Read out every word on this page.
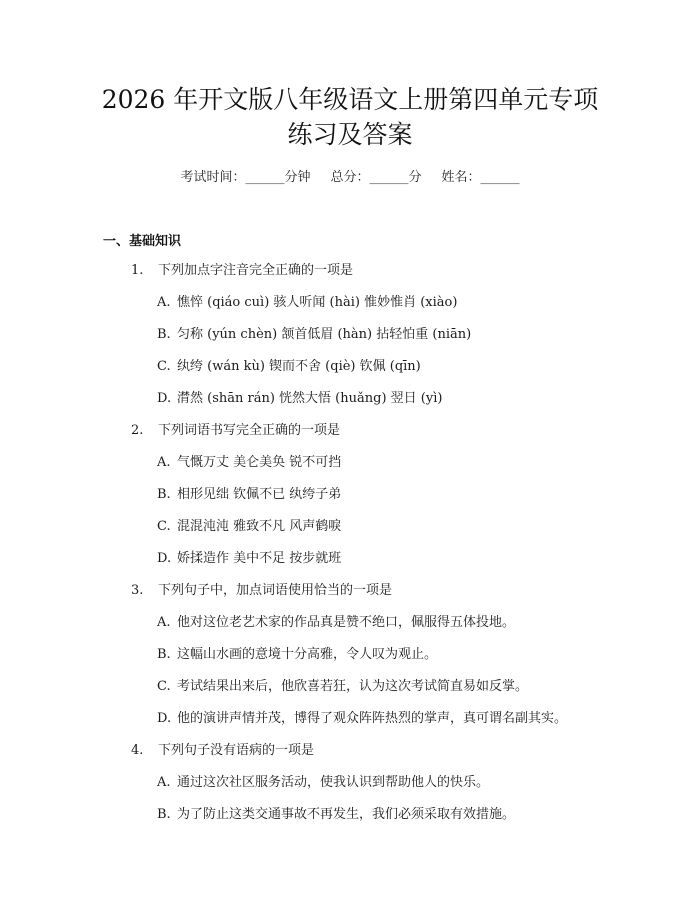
2026 年开文版八年级语文上册第四单元专项
练习及答案
考试时间：______分钟 总分：______分 姓名：______
一、基础知识
1. 下列加点字注音完全正确的一项是
A. 憔悴 (qiáo cuì) 骇人听闻 (hài) 惟妙惟肖 (xiào)
B. 匀称 (yún chèn) 颔首低眉 (hàn) 拈轻怕重 (niān)
C. 纨绔 (wán kù) 锲而不舍 (qiè) 钦佩 (qīn)
D. 潸然 (shān rán) 恍然大悟 (huǎng) 翌日 (yì)
2. 下列词语书写完全正确的一项是
A. 气慨万丈 美仑美奂 锐不可挡
B. 相形见绌 钦佩不已 纨绔子弟
C. 混混沌沌 雅致不凡 风声鹤唳
D. 娇揉造作 美中不足 按步就班
3. 下列句子中，加点词语使用恰当的一项是
A. 他对这位老艺术家的作品真是赞不绝口，佩服得五体投地。
B. 这幅山水画的意境十分高雅，令人叹为观止。
C. 考试结果出来后，他欣喜若狂，认为这次考试简直易如反掌。
D. 他的演讲声情并茂，博得了观众阵阵热烈的掌声，真可谓名副其实。
4. 下列句子没有语病的一项是
A. 通过这次社区服务活动，使我认识到帮助他人的快乐。
B. 为了防止这类交通事故不再发生，我们必须采取有效措施。
